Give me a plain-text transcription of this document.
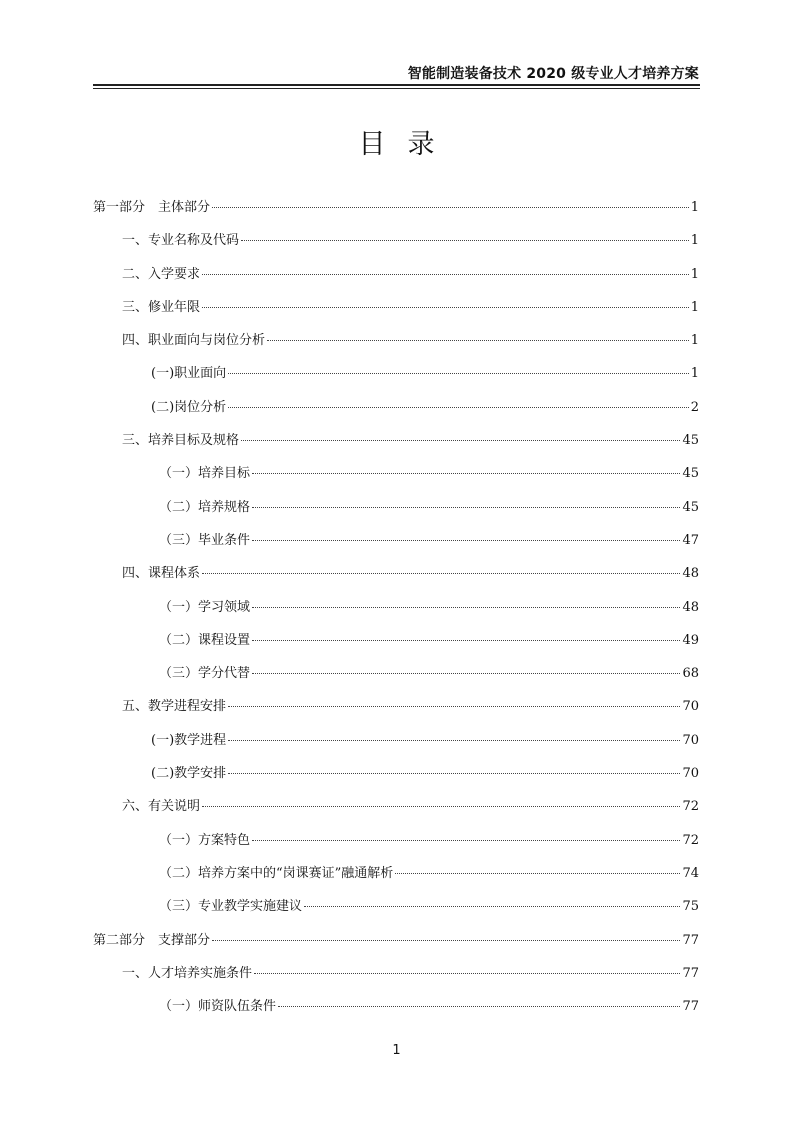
智能制造装备技术 2020 级专业人才培养方案
目录
第一部分　主体部分	1
一、专业名称及代码	1
二、入学要求	1
三、修业年限	1
四、职业面向与岗位分析	1
(一)职业面向	1
(二)岗位分析	2
三、培养目标及规格	45
（一）培养目标	45
（二）培养规格	45
（三）毕业条件	47
四、课程体系	48
（一）学习领域	48
（二）课程设置	49
（三）学分代替	68
五、教学进程安排	70
(一)教学进程	70
(二)教学安排	70
六、有关说明	72
（一）方案特色	72
（二）培养方案中的“岗课赛证”融通解析	74
（三）专业教学实施建议	75
第二部分　支撑部分	77
一、人才培养实施条件	77
（一）师资队伍条件	77
1
